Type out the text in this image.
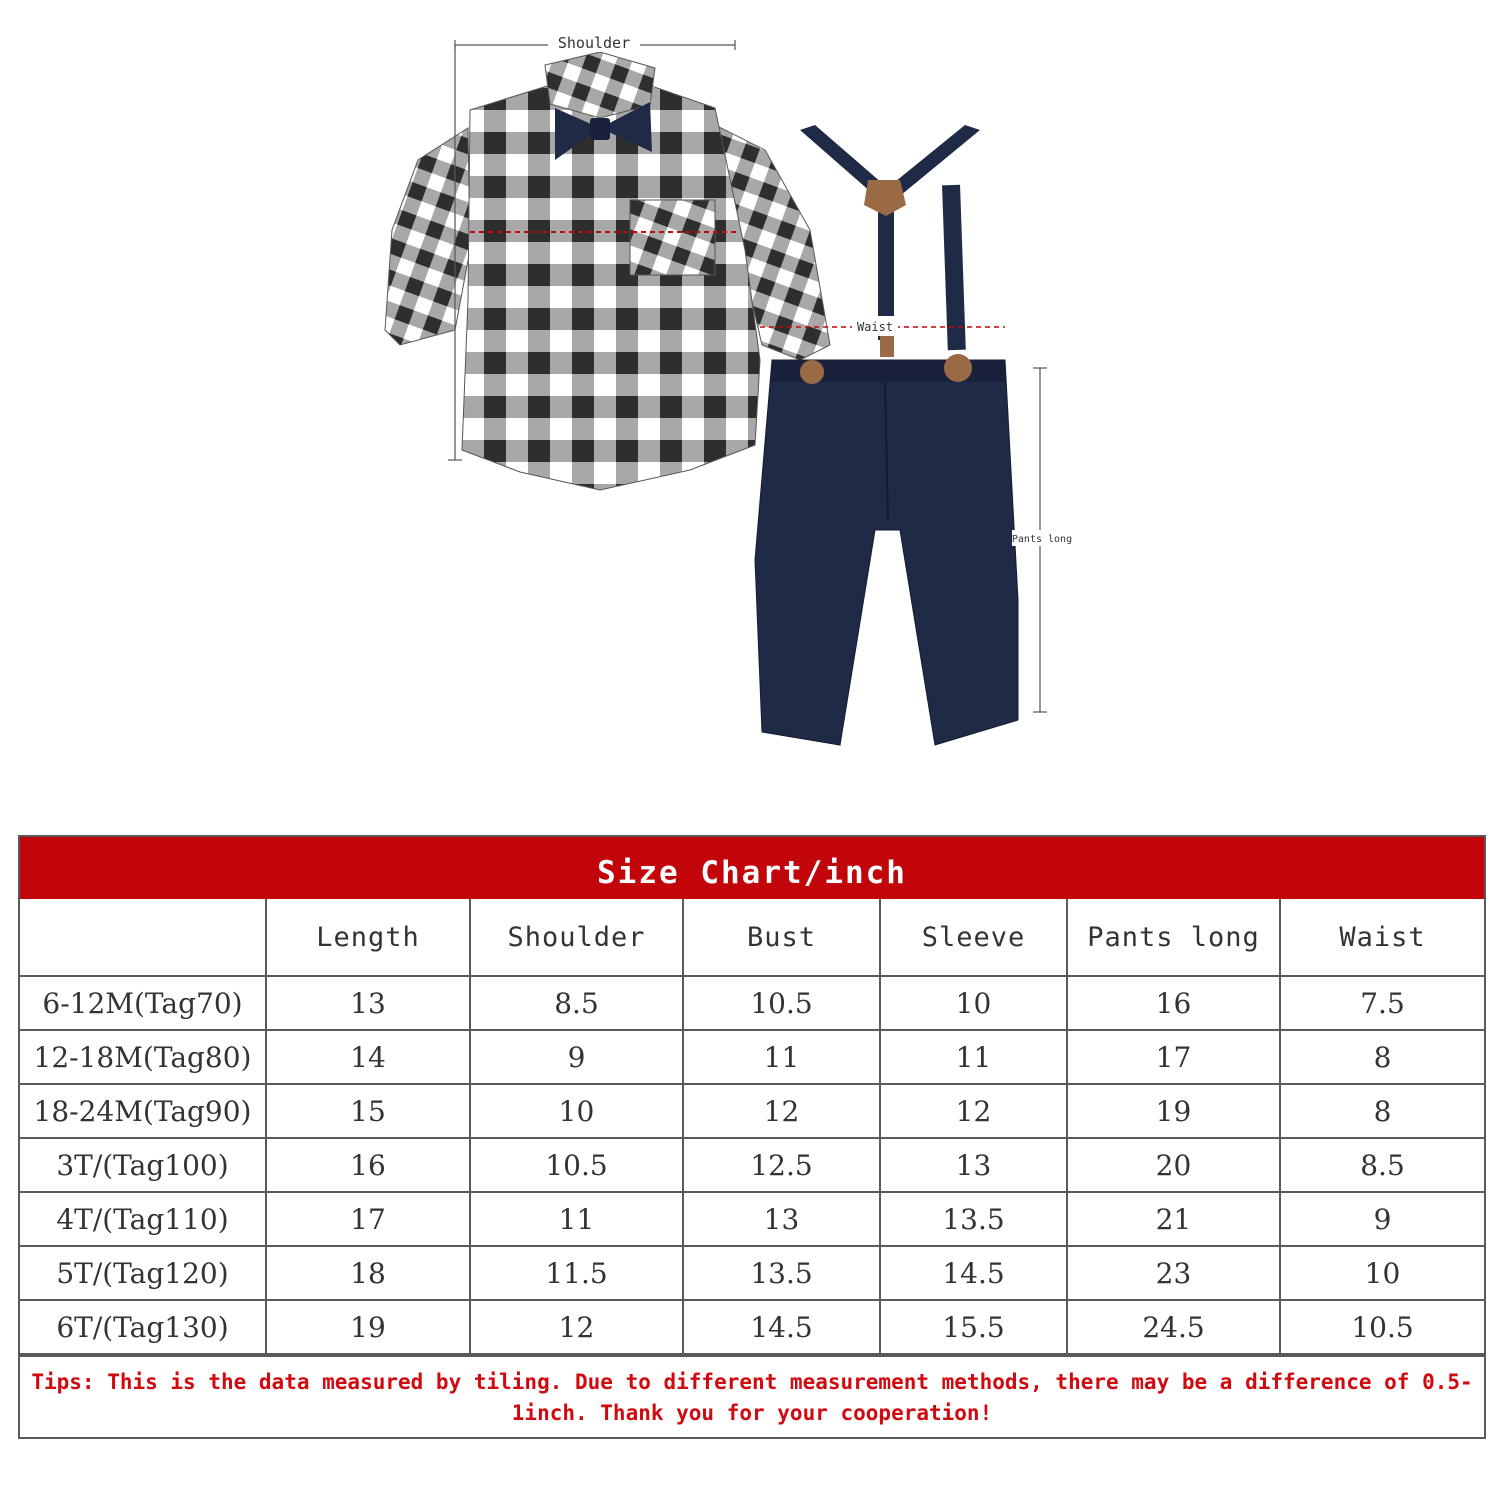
Shoulder
Waist
Pants long
Size Chart/inch
	Length	Shoulder	Bust	Sleeve	Pants long	Waist
6-12M(Tag70)	13	8.5	10.5	10	16	7.5
12-18M(Tag80)	14	9	11	11	17	8
18-24M(Tag90)	15	10	12	12	19	8
3T/(Tag100)	16	10.5	12.5	13	20	8.5
4T/(Tag110)	17	11	13	13.5	21	9
5T/(Tag120)	18	11.5	13.5	14.5	23	10
6T/(Tag130)	19	12	14.5	15.5	24.5	10.5
Tips: This is the data measured by tiling. Due to different measurement methods, there may be a difference of 0.5-1inch. Thank you for your cooperation!
